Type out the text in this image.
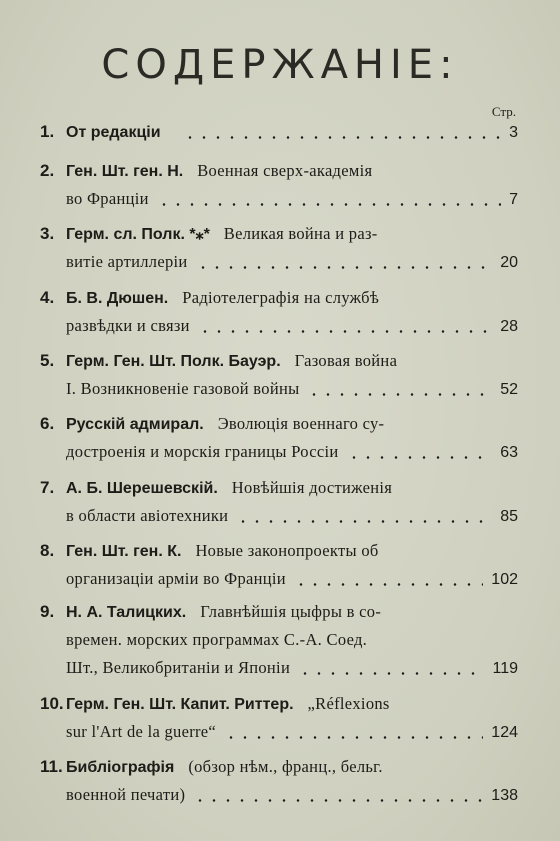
СОДЕРЖАНІЕ:
Стр.
1. От редакціи	3
2. Ген. Шт. ген. Н. Военная сверх-академія
во Франціи	7
3. Герм. сл. Полк. *⁎* Великая война и раз-
витіе артиллеріи	20
4. Б. В. Дюшен. Радіотелеграфія на службѣ
развѣдки и связи	28
5. Герм. Ген. Шт. Полк. Бауэр. Газовая война
I. Возникновеніе газовой войны	52
6. Русскій адмирал. Эволюція военнаго су-
достроенія и морскія границы Россіи	63
7. А. Б. Шерешевскій. Новѣйшія достиженія
в области авіотехники	85
8. Ген. Шт. ген. К. Новые законопроекты об
организаціи арміи во Франціи	102
9. Н. А. Талицких. Главнѣйшія цыфры в со-
времен. морских программах С.-А. Соед.
Шт., Великобританіи и Японіи	119
10. Герм. Ген. Шт. Капит. Риттер. „Réflexions
sur l'Art de la guerre“	124
11. Библіографія (обзор нѣм., франц., бельг.
военной печати)	138
